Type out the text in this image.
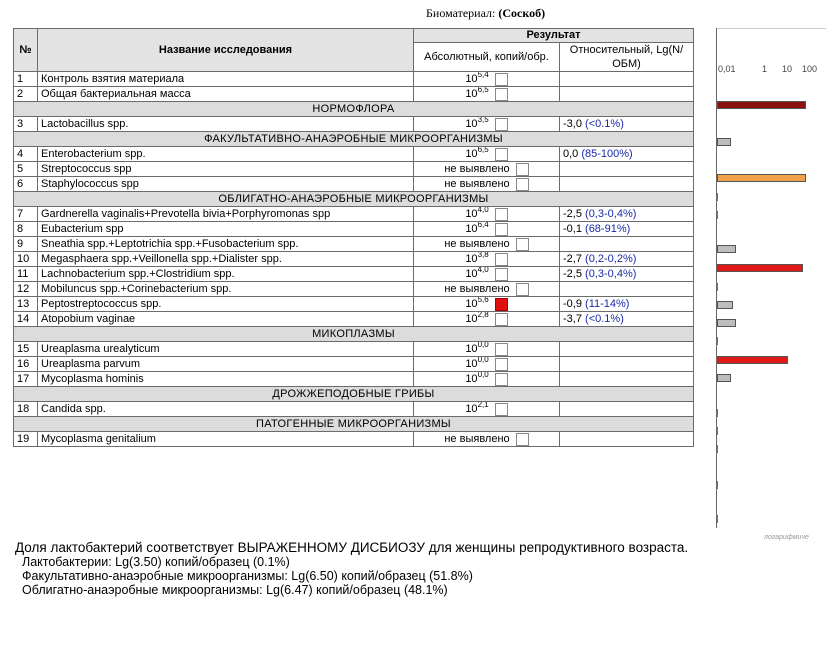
Биоматериал: (Соскоб)
№	Название исследования	Результат	
		Абсолютный, копий/обр.	Относительный, Lg(N/ОБМ)
1	Контроль взятия материала	10$^{5,4}$	
2	Общая бактериальная масса	10$^{6,5}$	
НОРМОФЛОРА			
3	Lactobacillus spp.	10$^{3,5}$	-3,0 (<0.1%)
ФАКУЛЬТАТИВНО-АНАЭРОБНЫЕ МИКРООРГАНИЗМЫ			
4	Enterobacterium spp.	10$^{6,5}$	0,0 (85-100%)
5	Streptococcus spp	не выявлено	
6	Staphylococcus spp	не выявлено	
ОБЛИГАТНО-АНАЭРОБНЫЕ МИКРООРГАНИЗМЫ			
7	Gardnerella vaginalis+Prevotella bivia+Porphyromonas spp	10$^{4,0}$	-2,5 (0,3-0,4%)
8	Eubacterium spp	10$^{6,4}$	-0,1 (68-91%)
9	Sneathia spp.+Leptotrichia spp.+Fusobacterium spp.	не выявлено	
10	Megasphaera spp.+Veillonella spp.+Dialister spp.	10$^{3,8}$	-2,7 (0,2-0,2%)
11	Lachnobacterium spp.+Clostridium spp.	10$^{4,0}$	-2,5 (0,3-0,4%)
12	Mobiluncus spp.+Corinebacterium spp.	не выявлено	
13	Peptostreptococcus spp.	10$^{5,6}$	-0,9 (11-14%)
14	Atopobium vaginae	10$^{2,8}$	-3,7 (<0.1%)
МИКОПЛАЗМЫ			
15	Ureaplasma urealyticum	10$^{0,0}$	
16	Ureaplasma parvum	10$^{0,0}$	
17	Mycoplasma hominis	10$^{0,0}$	
ДРОЖЖЕПОДОБНЫЕ ГРИБЫ			
18	Candida spp.	10$^{2,1}$	
ПАТОГЕННЫЕ МИКРООРГАНИЗМЫ			
19	Mycoplasma genitalium	не выявлено	
0,01	1 10 100
логарифмиче
Доля лактобактерий соответствует ВЫРАЖЕННОМУ ДИСБИОЗУ для женщины репродуктивного возраста.
Лактобактерии: Lg(3.50) копий/образец (0.1%)
Факультативно-анаэробные микроорганизмы: Lg(6.50) копий/образец (51.8%)
Облигатно-анаэробные микроорганизмы: Lg(6.47) копий/образец (48.1%)
